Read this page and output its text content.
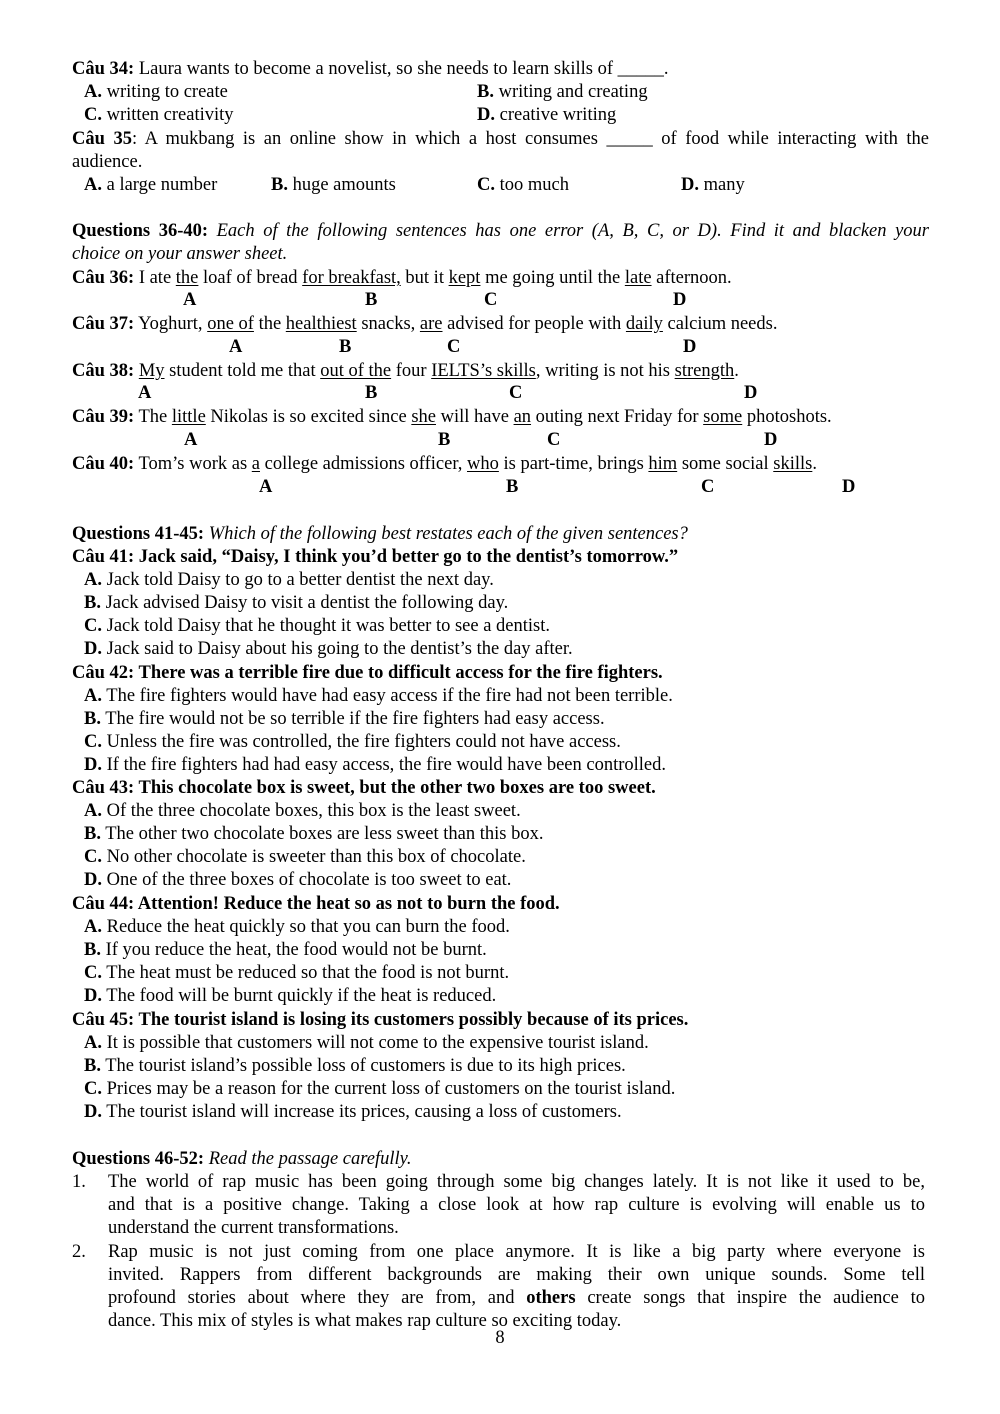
Câu 34: Laura wants to become a novelist, so she needs to learn skills of _____.
A. writing to create	B. writing and creating
C. written creativity	D. creative writing
Câu 35: A mukbang is an online show in which a host consumes _____ of food while interacting with the
audience.
A. a large number	B. huge amounts	C. too much	D. many
Questions 36-40: Each of the following sentences has one error (A, B, C, or D). Find it and blacken your
choice on your answer sheet.
Câu 36: I ate the loaf of bread for breakfast, but it kept me going until the late afternoon.
A	B	C	D
Câu 37: Yoghurt, one of the healthiest snacks, are advised for people with daily calcium needs.
A	B	C	D
Câu 38: My student told me that out of the four IELTS’s skills, writing is not his strength.
A	B	C	D
Câu 39: The little Nikolas is so excited since she will have an outing next Friday for some photoshots.
A	B	C	D
Câu 40: Tom’s work as a college admissions officer, who is part-time, brings him some social skills.
A	B	C	D
Questions 41-45: Which of the following best restates each of the given sentences?
Câu 41: Jack said, “Daisy, I think you’d better go to the dentist’s tomorrow.”
A. Jack told Daisy to go to a better dentist the next day.
B. Jack advised Daisy to visit a dentist the following day.
C. Jack told Daisy that he thought it was better to see a dentist.
D. Jack said to Daisy about his going to the dentist’s the day after.
Câu 42: There was a terrible fire due to difficult access for the fire fighters.
A. The fire fighters would have had easy access if the fire had not been terrible.
B. The fire would not be so terrible if the fire fighters had easy access.
C. Unless the fire was controlled, the fire fighters could not have access.
D. If the fire fighters had had easy access, the fire would have been controlled.
Câu 43: This chocolate box is sweet, but the other two boxes are too sweet.
A. Of the three chocolate boxes, this box is the least sweet.
B. The other two chocolate boxes are less sweet than this box.
C. No other chocolate is sweeter than this box of chocolate.
D. One of the three boxes of chocolate is too sweet to eat.
Câu 44: Attention! Reduce the heat so as not to burn the food.
A. Reduce the heat quickly so that you can burn the food.
B. If you reduce the heat, the food would not be burnt.
C. The heat must be reduced so that the food is not burnt.
D. The food will be burnt quickly if the heat is reduced.
Câu 45: The tourist island is losing its customers possibly because of its prices.
A. It is possible that customers will not come to the expensive tourist island.
B. The tourist island’s possible loss of customers is due to its high prices.
C. Prices may be a reason for the current loss of customers on the tourist island.
D. The tourist island will increase its prices, causing a loss of customers.
Questions 46-52: Read the passage carefully.
1. The world of rap music has been going through some big changes lately. It is not like it used to be,
and that is a positive change. Taking a close look at how rap culture is evolving will enable us to
understand the current transformations.
2. Rap music is not just coming from one place anymore. It is like a big party where everyone is
invited. Rappers from different backgrounds are making their own unique sounds. Some tell
profound stories about where they are from, and others create songs that inspire the audience to
dance. This mix of styles is what makes rap culture so exciting today.
8
